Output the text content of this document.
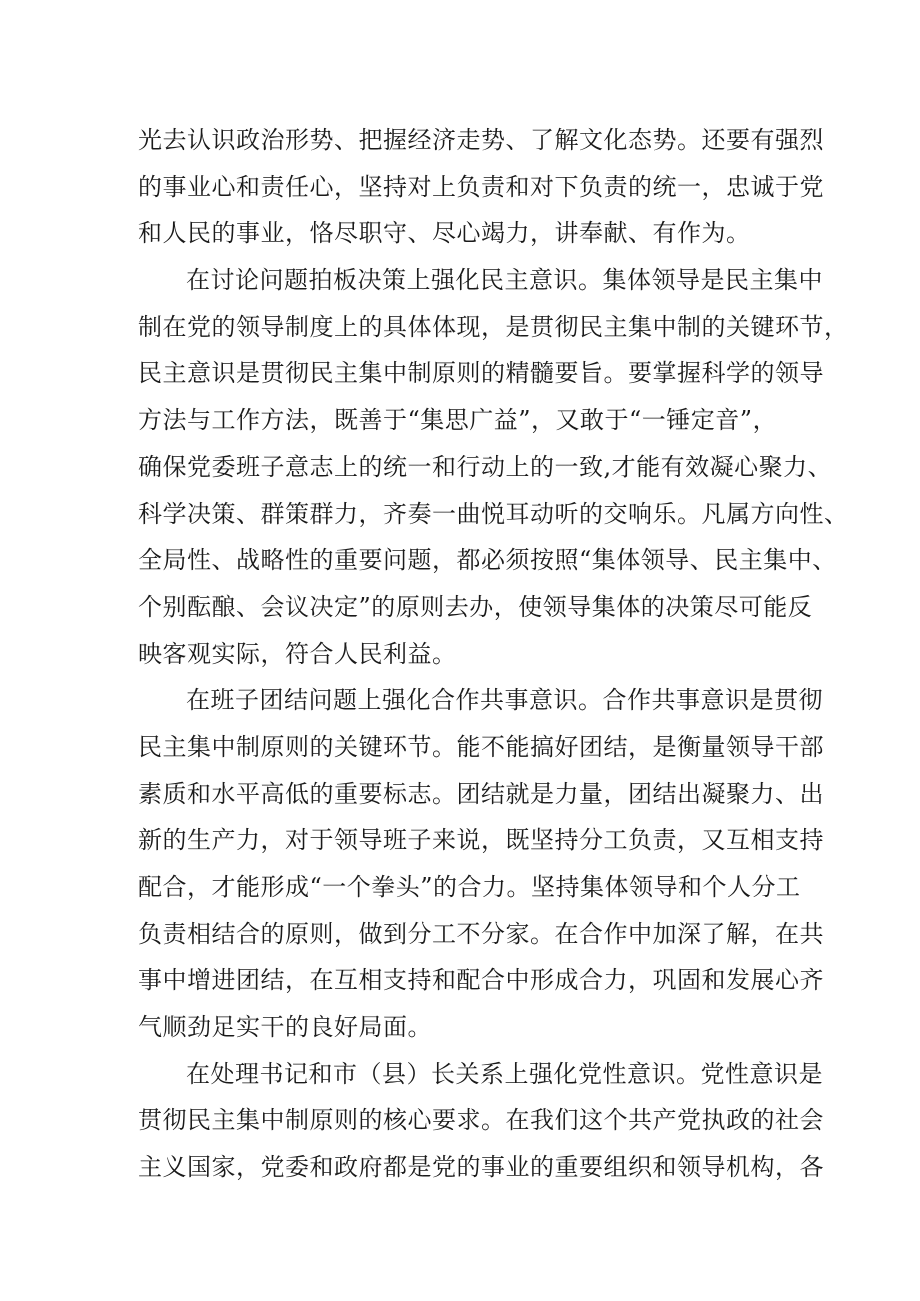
光去认识政治形势、把握经济走势、了解文化态势。还要有强烈
的事业心和责任心，坚持对上负责和对下负责的统一，忠诚于党
和人民的事业，恪尽职守、尽心竭力，讲奉献、有作为。
在讨论问题拍板决策上强化民主意识。集体领导是民主集中
制在党的领导制度上的具体体现，是贯彻民主集中制的关键环节，
民主意识是贯彻民主集中制原则的精髓要旨。要掌握科学的领导
方法与工作方法，既善于“集思广益”，又敢于“一锤定音”，
确保党委班子意志上的统一和行动上的一致,才能有效凝心聚力、
科学决策、群策群力，齐奏一曲悦耳动听的交响乐。凡属方向性、
全局性、战略性的重要问题，都必须按照“集体领导、民主集中、
个别酝酿、会议决定”的原则去办，使领导集体的决策尽可能反
映客观实际，符合人民利益。
在班子团结问题上强化合作共事意识。合作共事意识是贯彻
民主集中制原则的关键环节。能不能搞好团结，是衡量领导干部
素质和水平高低的重要标志。团结就是力量，团结出凝聚力、出
新的生产力，对于领导班子来说，既坚持分工负责，又互相支持
配合，才能形成“一个拳头”的合力。坚持集体领导和个人分工
负责相结合的原则，做到分工不分家。在合作中加深了解，在共
事中增进团结，在互相支持和配合中形成合力，巩固和发展心齐
气顺劲足实干的良好局面。
在处理书记和市（县）长关系上强化党性意识。党性意识是
贯彻民主集中制原则的核心要求。在我们这个共产党执政的社会
主义国家，党委和政府都是党的事业的重要组织和领导机构，各
